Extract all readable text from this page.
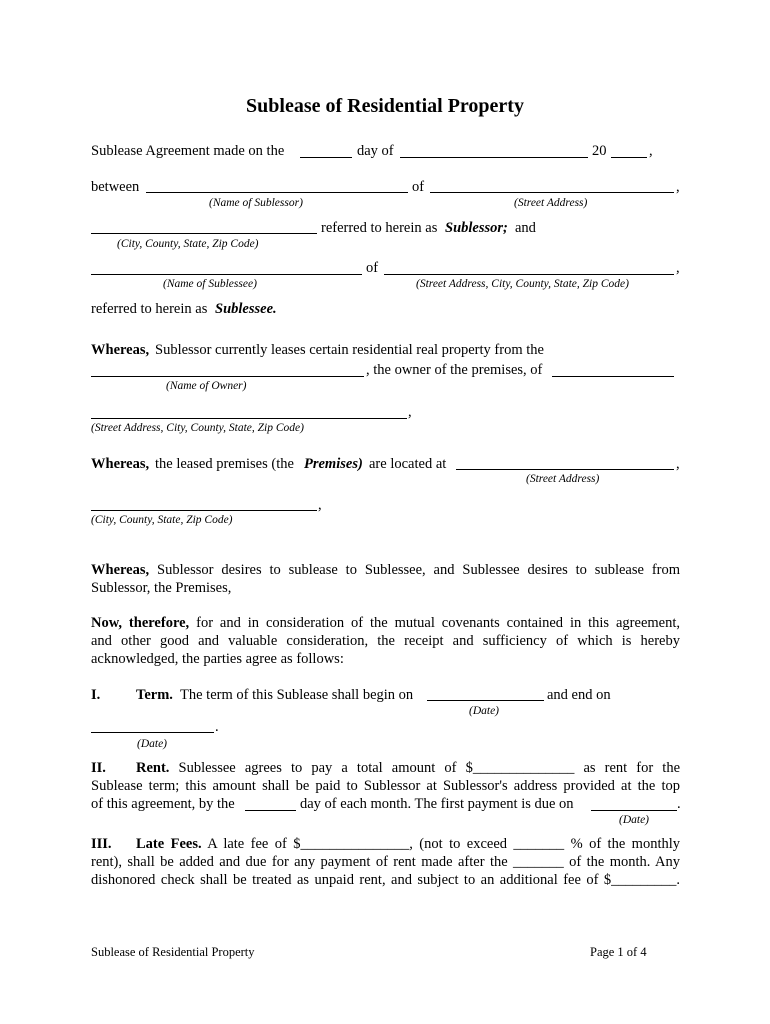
Sublease of Residential Property
Sublease Agreement made on the	day of	20	,
between	of	,
(Name of Sublessor)	(Street Address)
referred to herein as Sublessor; and
(City, County, State, Zip Code)
of	,
(Name of Sublessee)	(Street Address, City, County, State, Zip Code)
referred to herein as Sublessee.
Whereas, Sublessor currently leases certain residential real property from the
, the owner of the premises, of
(Name of Owner)
,
(Street Address, City, County, State, Zip Code)
Whereas, the leased premises (the Premises) are located at	,
(Street Address)
,
(City, County, State, Zip Code)
Whereas, Sublessor desires to sublease to Sublessee, and Sublessee desires to sublease from
Sublessor, the Premises,
Now, therefore, for and in consideration of the mutual covenants contained in this agreement,
and other good and valuable consideration, the receipt and sufficiency of which is hereby
acknowledged, the parties agree as follows:
I. Term. The term of this Sublease shall begin on	and end on
(Date)
.
(Date)
II. Rent. Sublessee agrees to pay a total amount of $______________ as rent for the
Sublease term; this amount shall be paid to Sublessor at Sublessor's address provided at the top
of this agreement, by the	day of each month. The first payment is due on	.
(Date)
III. Late Fees. A late fee of $_______________, (not to exceed _______ % of the monthly
rent), shall be added and due for any payment of rent made after the _______ of the month. Any
dishonored check shall be treated as unpaid rent, and subject to an additional fee of $_________.
Sublease of Residential Property	Page 1 of 4
